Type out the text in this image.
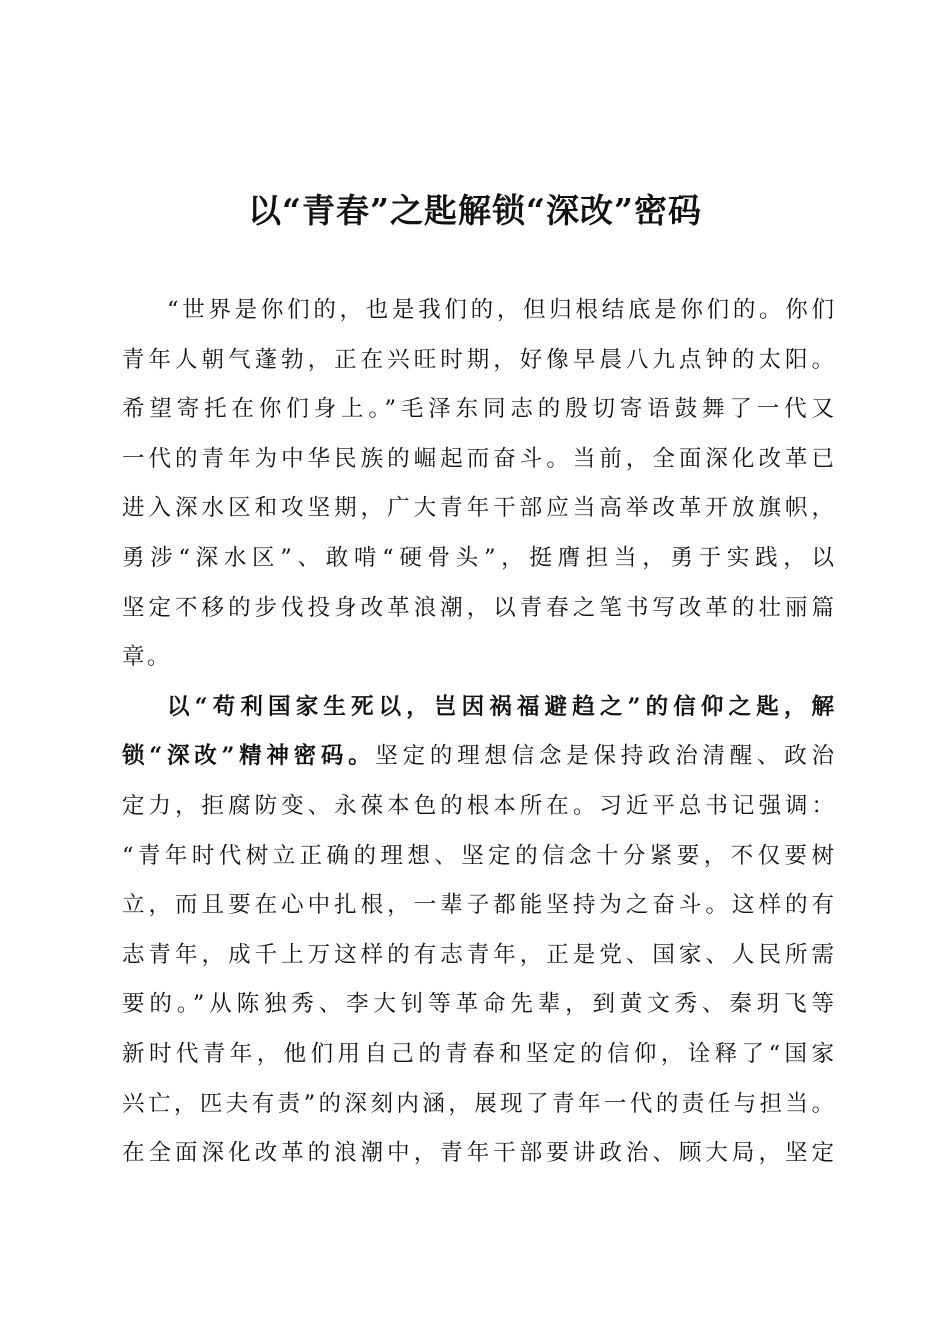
以“青春”之匙解锁“深改”密码
“世界是你们的，也是我们的，但归根结底是你们的。你们
青年人朝气蓬勃，正在兴旺时期，好像早晨八九点钟的太阳。
希望寄托在你们身上。”毛泽东同志的殷切寄语鼓舞了一代又
一代的青年为中华民族的崛起而奋斗。当前，全面深化改革已
进入深水区和攻坚期，广大青年干部应当高举改革开放旗帜，
勇涉“深水区”、敢啃“硬骨头”，挺膺担当，勇于实践，以
坚定不移的步伐投身改革浪潮，以青春之笔书写改革的壮丽篇
章。
以“苟利国家生死以，岂因祸福避趋之”的信仰之匙，解
锁“深改”精神密码。坚定的理想信念是保持政治清醒、政治
定力，拒腐防变、永葆本色的根本所在。习近平总书记强调：
“青年时代树立正确的理想、坚定的信念十分紧要，不仅要树
立，而且要在心中扎根，一辈子都能坚持为之奋斗。这样的有
志青年，成千上万这样的有志青年，正是党、国家、人民所需
要的。”从陈独秀、李大钊等革命先辈，到黄文秀、秦玥飞等
新时代青年，他们用自己的青春和坚定的信仰，诠释了“国家
兴亡，匹夫有责”的深刻内涵，展现了青年一代的责任与担当。
在全面深化改革的浪潮中，青年干部要讲政治、顾大局，坚定
